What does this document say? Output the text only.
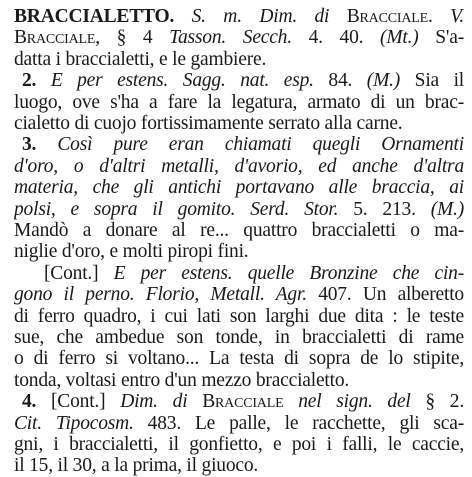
BRACCIALETTO. S. m. Dim. di Bracciale. V.
Bracciale, § 4 Tasson. Secch. 4. 40. (Mt.) S'a-
datta i braccialetti, e le gambiere.
2. E per estens. Sagg. nat. esp. 84. (M.) Sia il
luogo, ove s'ha a fare la legatura, armato di un brac-
cialetto di cuojo fortissimamente serrato alla carne.
3. Così pure eran chiamati quegli Ornamenti
d'oro, o d'altri metalli, d'avorio, ed anche d'altra
materia, che gli antichi portavano alle braccia, ai
polsi, e sopra il gomito. Serd. Stor. 5. 213. (M.)
Mandò a donare al re... quattro braccialetti o ma-
niglie d'oro, e molti piropi fini.
[Cont.] E per estens. quelle Bronzine che cin-
gono il perno. Florio, Metall. Agr. 407. Un alberetto
di ferro quadro, i cui lati son larghi due dita : le teste
sue, che ambedue son tonde, in braccialetti di rame
o di ferro si voltano... La testa di sopra de lo stipite,
tonda, voltasi entro d'un mezzo braccialetto.
4. [Cont.] Dim. di Bracciale nel sign. del § 2.
Cit. Tipocosm. 483. Le palle, le racchette, gli sca-
gni, i braccialetti, il gonfietto, e poi i falli, le caccie,
il 15, il 30, a la prima, il giuoco.
